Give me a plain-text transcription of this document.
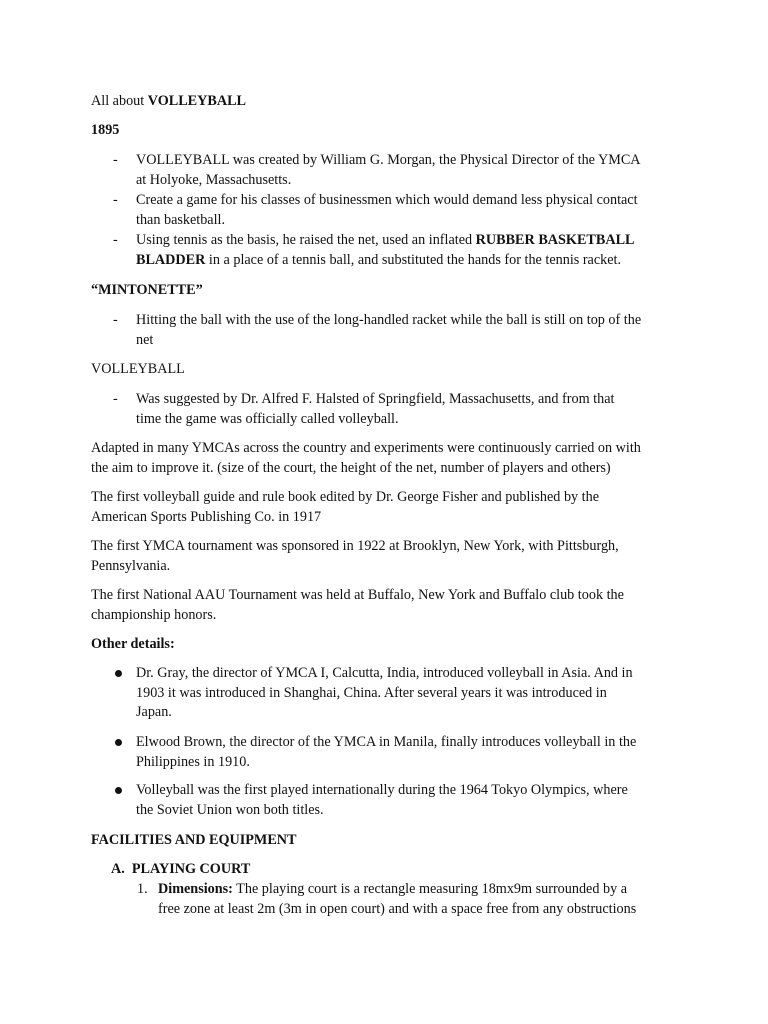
All about VOLLEYBALL

1895

- VOLLEYBALL was created by William G. Morgan, the Physical Director of the YMCA
at Holyoke, Massachusetts.
- Create a game for his classes of businessmen which would demand less physical contact
than basketball.
- Using tennis as the basis, he raised the net, used an inflated RUBBER BASKETBALL
BLADDER in a place of a tennis ball, and substituted the hands for the tennis racket.

“MINTONETTE”

- Hitting the ball with the use of the long-handled racket while the ball is still on top of the
net

VOLLEYBALL

- Was suggested by Dr. Alfred F. Halsted of Springfield, Massachusetts, and from that
time the game was officially called volleyball.
Adapted in many YMCAs across the country and experiments were continuously carried on with
the aim to improve it. (size of the court, the height of the net, number of players and others)
The first volleyball guide and rule book edited by Dr. George Fisher and published by the
American Sports Publishing Co. in 1917
The first YMCA tournament was sponsored in 1922 at Brooklyn, New York, with Pittsburgh,
Pennsylvania.
The first National AAU Tournament was held at Buffalo, New York and Buffalo club took the
championship honors.

Other details:

Dr. Gray, the director of YMCA I, Calcutta, India, introduced volleyball in Asia. And in
1903 it was introduced in Shanghai, China. After several years it was introduced in
Japan.
Elwood Brown, the director of the YMCA in Manila, finally introduces volleyball in the
Philippines in 1910.
Volleyball was the first played internationally during the 1964 Tokyo Olympics, where
the Soviet Union won both titles.

FACILITIES AND EQUIPMENT

A. PLAYING COURT

1. Dimensions: The playing court is a rectangle measuring 18mx9m surrounded by a
free zone at least 2m (3m in open court) and with a space free from any obstructions
